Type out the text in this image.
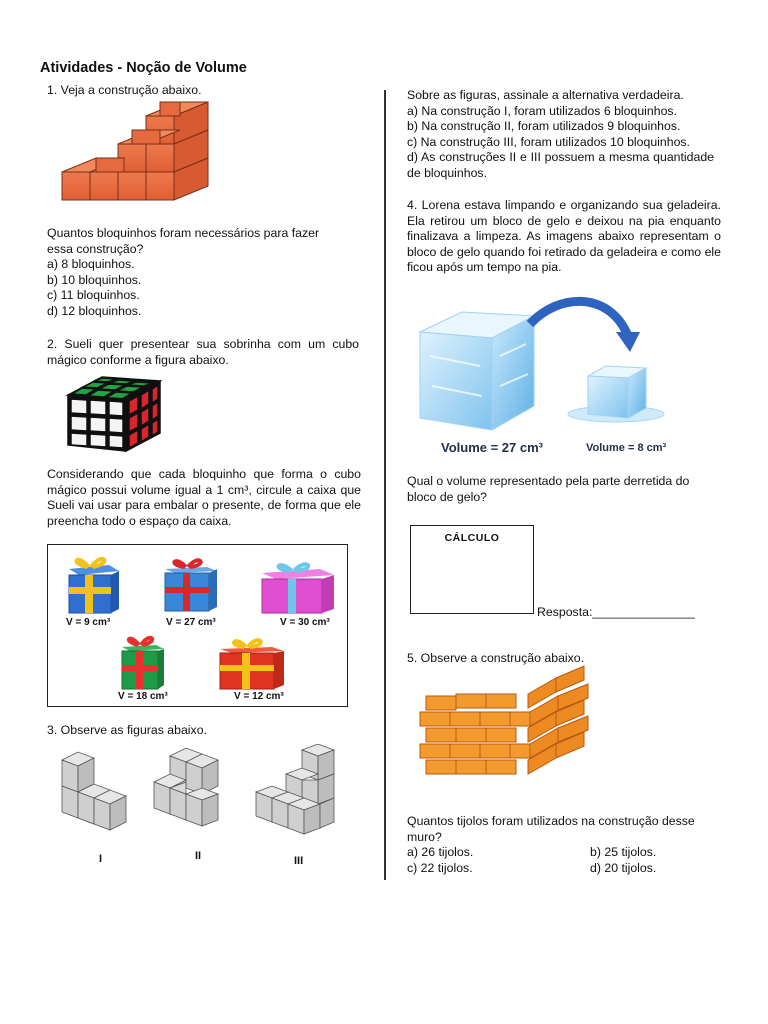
Atividades - Noção de Volume
1. Veja a construção abaixo.

Quantos bloquinhos foram necessários para fazer

essa construção?

a) 8 bloquinhos.

b) 10 bloquinhos.

c) 11 bloquinhos.

d) 12 bloquinhos.

2. Sueli quer presentear sua sobrinha com um cubo mágico conforme a figura abaixo.
Considerando que cada bloquinho que forma o cubo mágico possui volume igual a 1 cm³, circule a caixa que Sueli vai usar para embalar o presente, de forma que ele preencha todo o espaço da caixa.
V = 9 cm³	V = 27 cm³	V = 30 cm³
V = 18 cm³	V = 12 cm³
3. Observe as figuras abaixo.
I	II	III

Sobre as figuras, assinale a alternativa verdadeira.

a) Na construção I, foram utilizados 6 bloquinhos.

b) Na construção II, foram utilizados 9 bloquinhos.

c) Na construção III, foram utilizados 10 bloquinhos.

d) As construções II e III possuem a mesma quantidade de bloquinhos.

4. Lorena estava limpando e organizando sua geladeira. Ela retirou um bloco de gelo e deixou na pia enquanto finalizava a limpeza. As imagens abaixo representam o bloco de gelo quando foi retirado da geladeira e como ele ficou após um tempo na pia.
Volume = 27 cm³	Volume = 8 cm³
Qual o volume representado pela parte derretida do bloco de gelo?
CÁLCULO
Resposta:_______________
5. Observe a construção abaixo.

Quantos tijolos foram utilizados na construção desse muro?

a) 26 tijolos.	b) 25 tijolos.
c) 22 tijolos.	d) 20 tijolos.
